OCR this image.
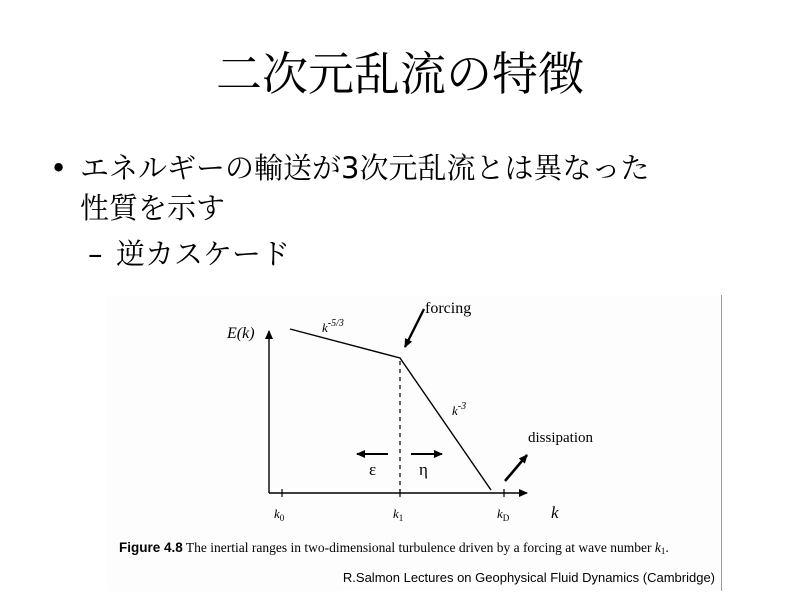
二次元乱流の特徴
• エネルギーの輸送が3次元乱流とは異なった
性質を示す
– 逆カスケード
E(k)
k
$k^{-5/3}$
$k^{-3}$
forcing
dissipation
ε	η
$k_0$	$k_1$	$k_D$
Figure 4.8 The inertial ranges in two-dimensional turbulence driven by a forcing at wave number $k_1$.
R.Salmon Lectures on Geophysical Fluid Dynamics (Cambridge)
